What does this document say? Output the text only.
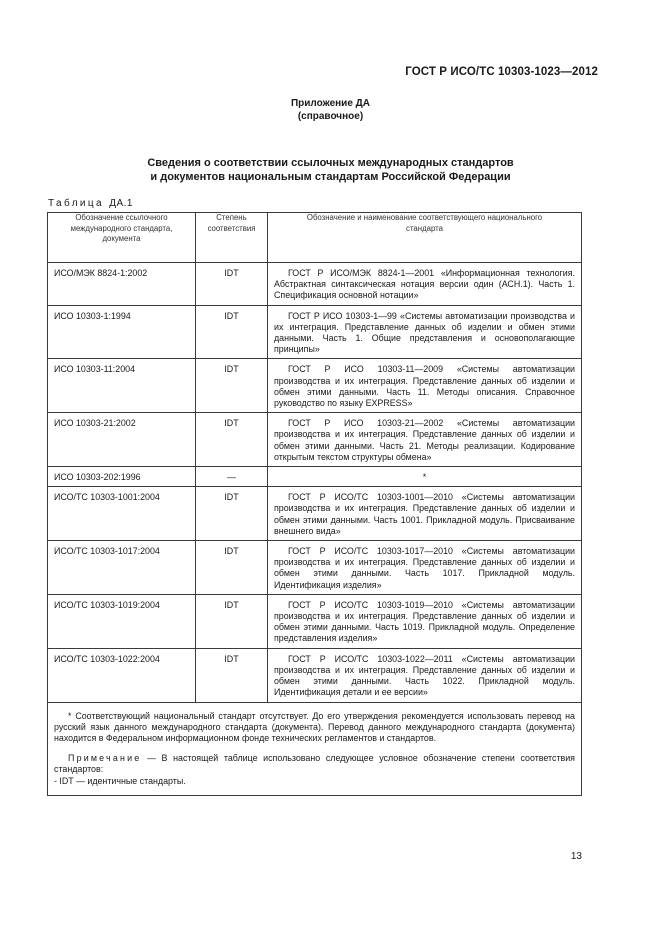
ГОСТ Р ИСО/ТС 10303-1023—2012
Приложение ДА
(справочное)
Сведения о соответствии ссылочных международных стандартов
и документов национальным стандартам Российской Федерации
Таблица ДА.1
Обозначение ссылочного международного стандарта, документа	Степень соответствия	Обозначение и наименование соответствующего национального стандарта
ИСО/МЭК 8824-1:2002	IDT	ГОСТ Р ИСО/МЭК 8824-1—2001 «Информационная технология. Абстрактная синтаксическая нотация версии один (АСН.1). Часть 1. Спецификация основной нотации»

ИСО 10303-1:1994	IDT	ГОСТ Р ИСО 10303-1—99 «Системы автоматизации производства и их интеграция. Представление данных об изделии и обмен этими данными. Часть 1. Общие представления и основополагающие принципы»

ИСО 10303-11:2004	IDT	ГОСТ Р ИСО 10303-11—2009 «Системы автоматизации производства и их интеграция. Представление данных об изделии и обмен этими данными. Часть 11. Методы описания. Справочное руководство по языку EXPRESS»

ИСО 10303-21:2002	IDT	ГОСТ Р ИСО 10303-21—2002 «Системы автоматизации производства и их интеграция. Представление данных об изделии и обмен этими данными. Часть 21. Методы реализации. Кодирование открытым текстом структуры обмена»

ИСО 10303-202:1996	—	*
ИСО/ТС 10303-1001:2004	IDT	ГОСТ Р ИСО/ТС 10303-1001—2010 «Системы автоматизации производства и их интеграция. Представление данных об изделии и обмен этими данными. Часть 1001. Прикладной модуль. Присваивание внешнего вида»

ИСО/ТС 10303-1017:2004	IDT	ГОСТ Р ИСО/ТС 10303-1017—2010 «Системы автоматизации производства и их интеграция. Представление данных об изделии и обмен этими данными. Часть 1017. Прикладной модуль. Идентификация изделия»

ИСО/ТС 10303-1019:2004	IDT	ГОСТ Р ИСО/ТС 10303-1019—2010 «Системы автоматизации производства и их интеграция. Представление данных об изделии и обмен этими данными. Часть 1019. Прикладной модуль. Определение представления изделия»

ИСО/ТС 10303-1022:2004	IDT	ГОСТ Р ИСО/ТС 10303-1022—2011 «Системы автоматизации производства и их интеграция. Представление данных об изделии и обмен этими данными. Часть 1022. Прикладной модуль. Идентификация детали и ее версии»

* Соответствующий национальный стандарт отсутствует. До его утверждения рекомендуется использовать перевод на русский язык данного международного стандарта (документа). Перевод данного международного стандарта (документа) находится в Федеральном информационном фонде технических регламентов и стандартов.

Примечание — В настоящей таблице использовано следующее условное обозначение степени соответствия стандартов:

- IDT — идентичные стандарты.		

13
